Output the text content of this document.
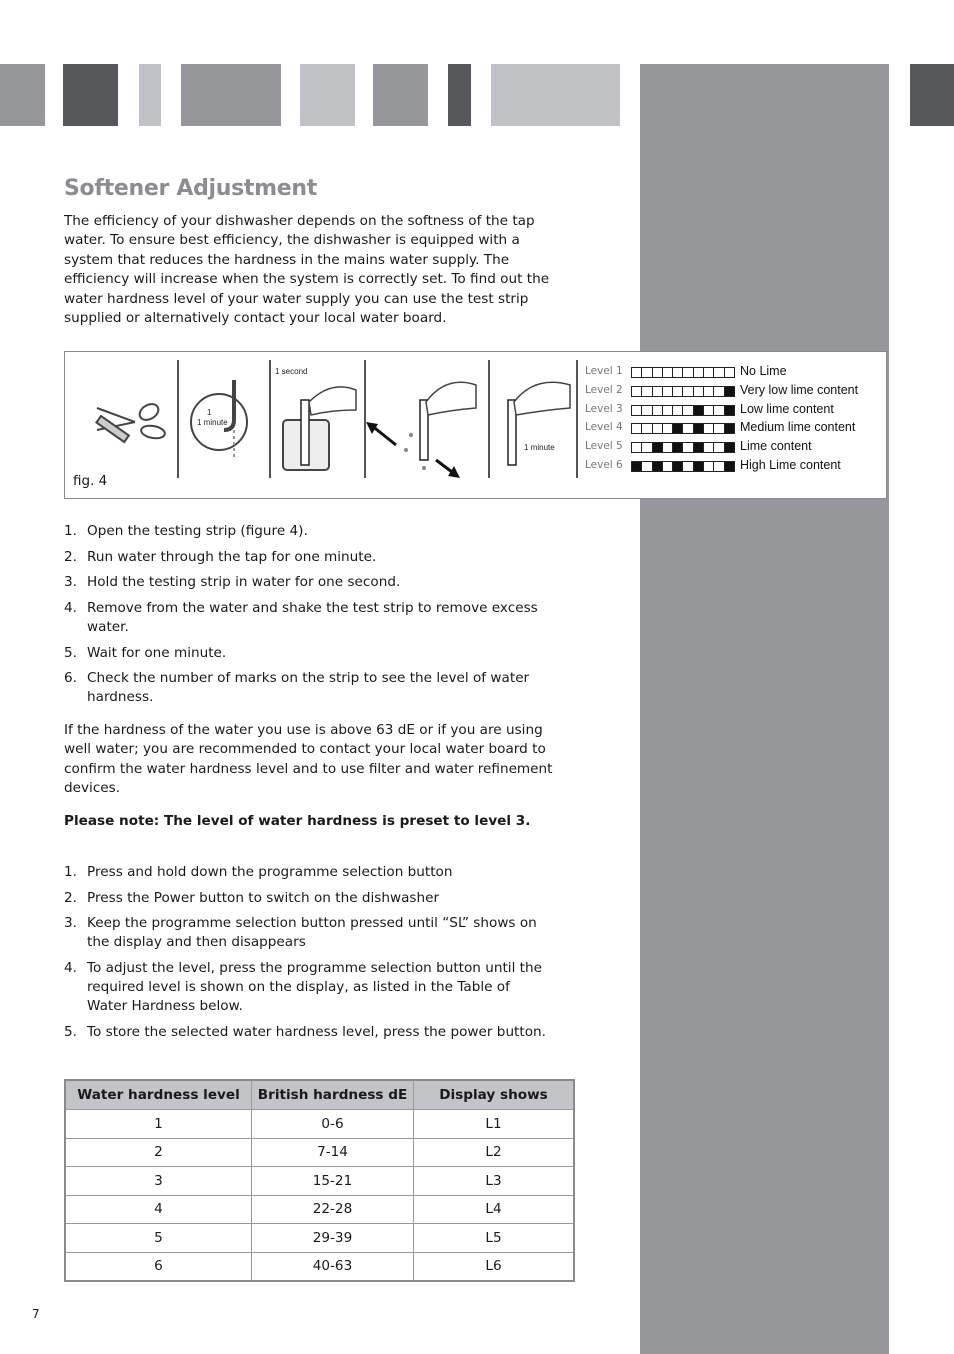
Softener Adjustment

The efficiency of your dishwasher depends on the softness of the tap water. To ensure best efficiency, the dishwasher is equipped with a system that reduces the hardness in the mains water supply. The efficiency will increase when the system is correctly set. To find out the water hardness level of your water supply you can use the test strip supplied or alternatively contact your local water board.

1
1 minute
1 second
1 minute
Level 1	No Lime
Level 2	Very low lime content
Level 3	Low lime content
Level 4	Medium lime content
Level 5	Lime content
Level 6	High Lime content
fig. 4
1. Open the testing strip (figure 4).
2. Run water through the tap for one minute.
3. Hold the testing strip in water for one second.
4. Remove from the water and shake the test strip to remove excess water.
5. Wait for one minute.
6. Check the number of marks on the strip to see the level of water hardness.

If the hardness of the water you use is above 63 dE or if you are using well water; you are recommended to contact your local water board to confirm the water hardness level and to use filter and water refinement devices.

Please note: The level of water hardness is preset to level 3.

1. Press and hold down the programme selection button
2. Press the Power button to switch on the dishwasher
3. Keep the programme selection button pressed until “SL” shows on the display and then disappears
4. To adjust the level, press the programme selection button until the required level is shown on the display, as listed in the Table of Water Hardness below.
5. To store the selected water hardness level, press the power button.
Water hardness level	British hardness dE	Display shows
1	0-6	L1
2	7-14	L2
3	15-21	L3
4	22-28	L4
5	29-39	L5
6	40-63	L6
7
